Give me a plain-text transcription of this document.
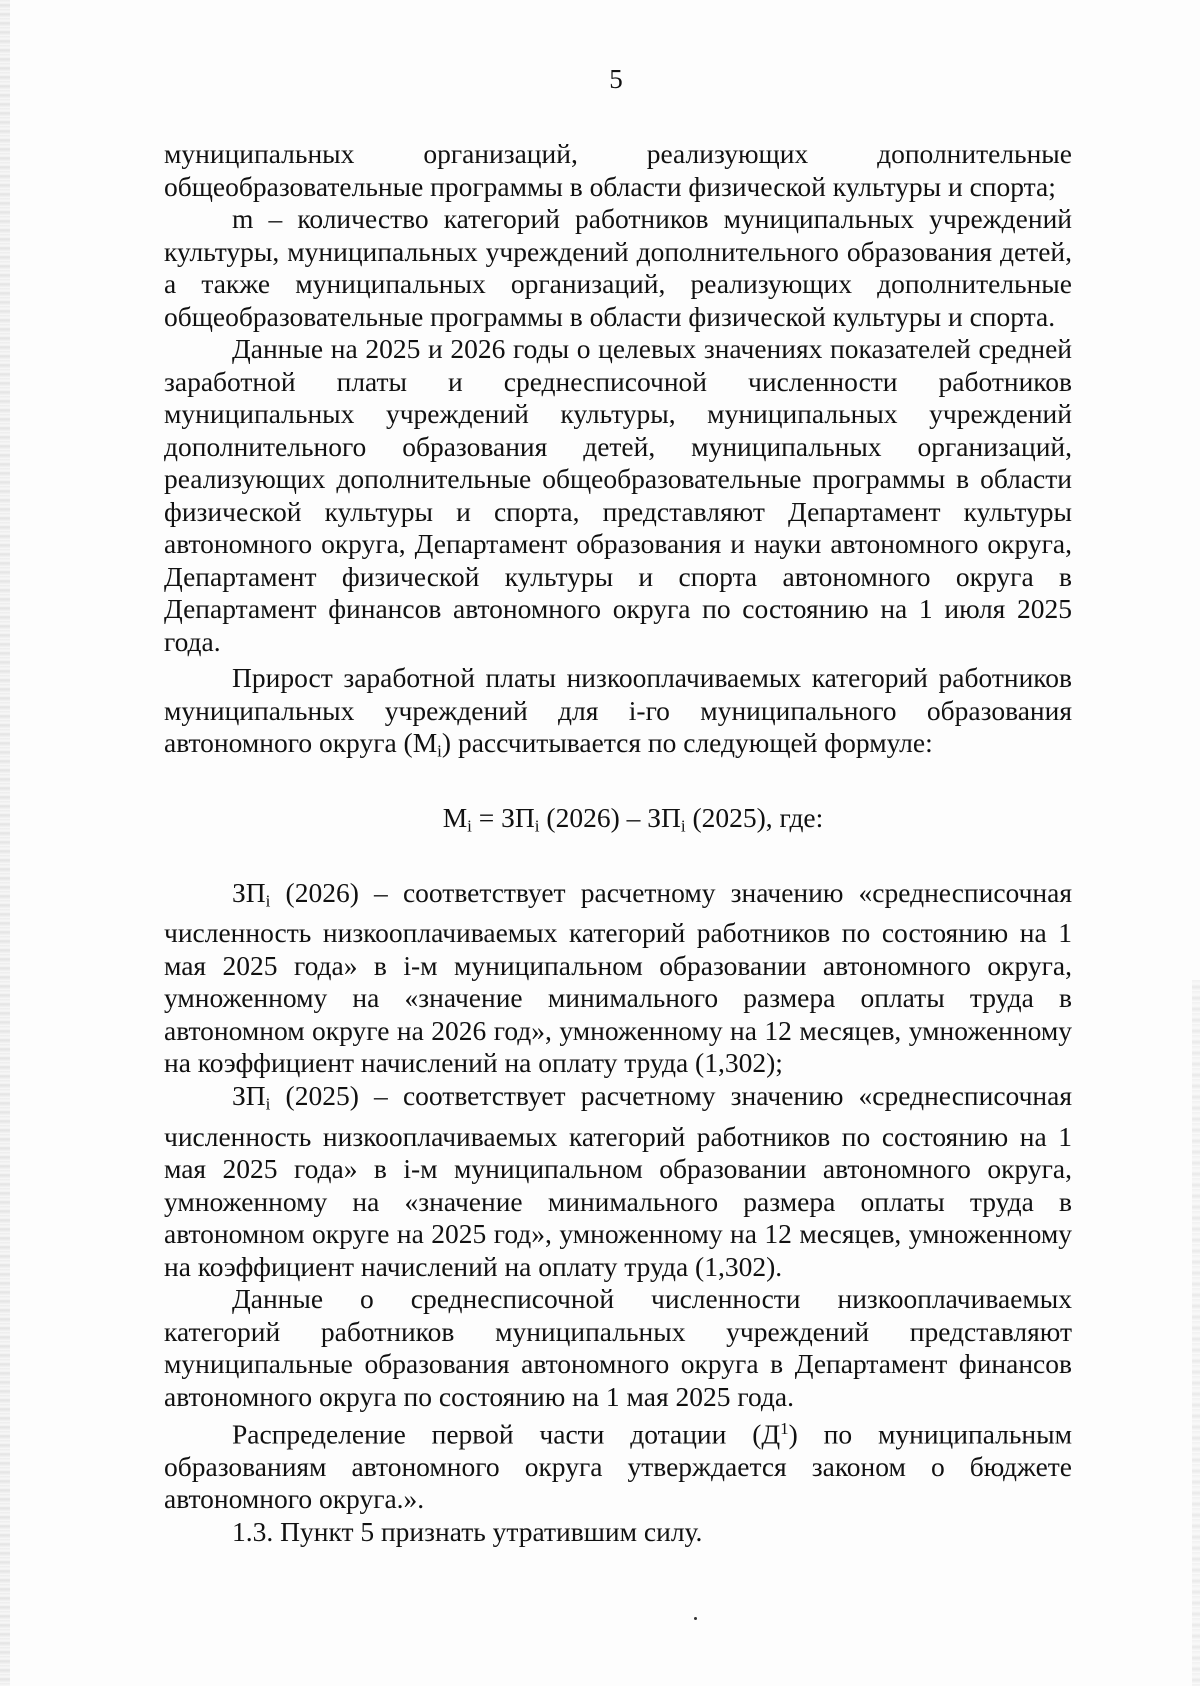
5

муниципальных организаций, реализующих дополнительные общеобразовательные программы в области физической культуры и спорта;

m – количество категорий работников муниципальных учреждений культуры, муниципальных учреждений дополнительного образования детей, а также муниципальных организаций, реализующих дополнительные общеобразовательные программы в области физической культуры и спорта.

Данные на 2025 и 2026 годы о целевых значениях показателей средней заработной платы и среднесписочной численности работников муниципальных учреждений культуры, муниципальных учреждений дополнительного образования детей, муниципальных организаций, реализующих дополнительные общеобразовательные программы в области физической культуры и спорта, представляют Департамент культуры автономного округа, Департамент образования и науки автономного округа, Департамент физической культуры и спорта автономного округа в Департамент финансов автономного округа по состоянию на 1 июля 2025 года.

Прирост заработной платы низкооплачиваемых категорий работников муниципальных учреждений для i-го муниципального образования автономного округа $(M_i)$ рассчитывается по следующей формуле:

$M_i = ЗП_i$ $(2026) - ЗП_i$ (2025), где:

$ЗП_i$ (2026) – соответствует расчетному значению «среднесписочная численность низкооплачиваемых категорий работников по состоянию на 1 мая 2025 года» в i-м муниципальном образовании автономного округа, умноженному на «значение минимального размера оплаты труда в автономном округе на 2026 год», умноженному на 12 месяцев, умноженному на коэффициент начислений на оплату труда (1,302);

$ЗП_i$ (2025) – соответствует расчетному значению «среднесписочная численность низкооплачиваемых категорий работников по состоянию на 1 мая 2025 года» в i-м муниципальном образовании автономного округа, умноженному на «значение минимального размера оплаты труда в автономном округе на 2025 год», умноженному на 12 месяцев, умноженному на коэффициент начислений на оплату труда (1,302).

Данные о среднесписочной численности низкооплачиваемых категорий работников муниципальных учреждений представляют муниципальные образования автономного округа в Департамент финансов автономного округа по состоянию на 1 мая 2025 года.

Распределение первой части дотации $(Д^1)$ по муниципальным образованиям автономного округа утверждается законом о бюджете автономного округа.».

1.3. Пункт 5 признать утратившим силу.
